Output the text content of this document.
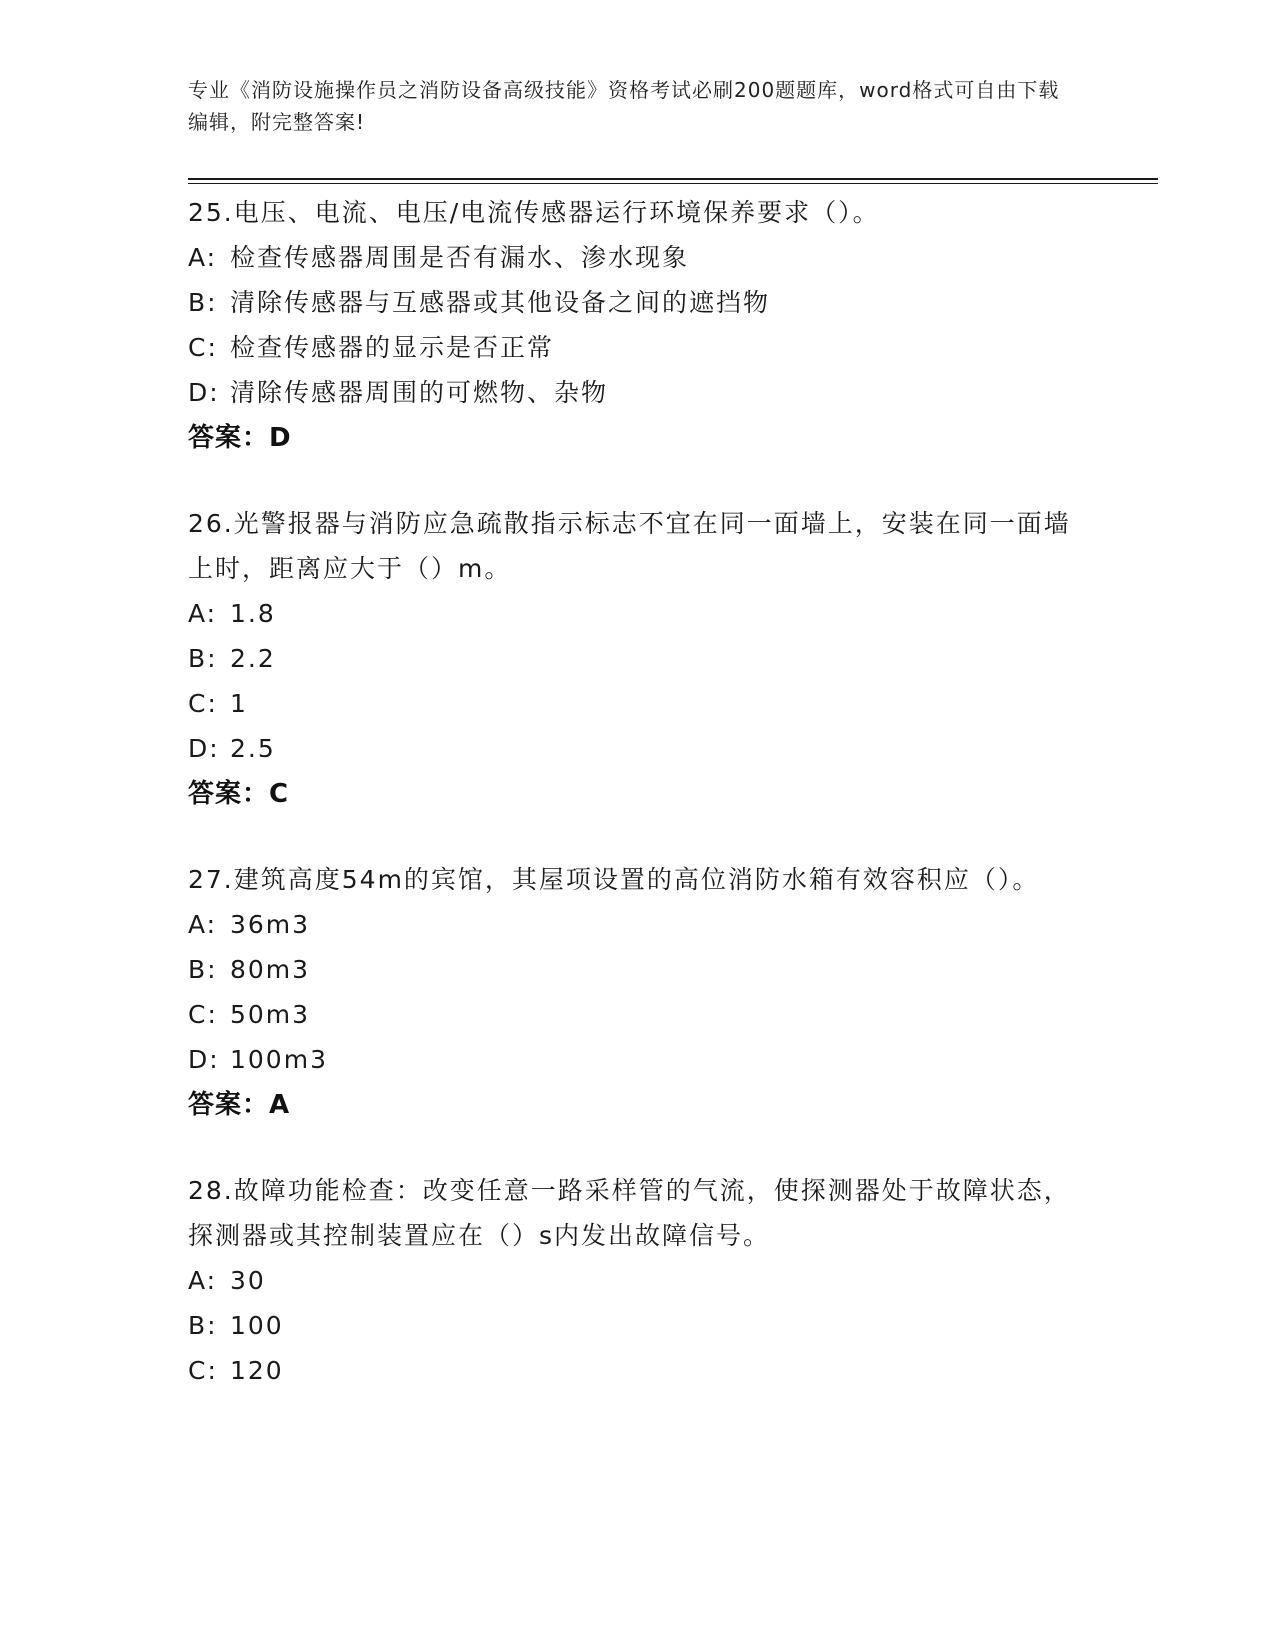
专业《消防设施操作员之消防设备高级技能》资格考试必刷200题题库，word格式可自由下载编辑，附完整答案!
25.电压、电流、电压/电流传感器运行环境保养要求（）。
A: 检查传感器周围是否有漏水、渗水现象
B: 清除传感器与互感器或其他设备之间的遮挡物
C: 检查传感器的显示是否正常
D: 清除传感器周围的可燃物、杂物
答案：D
26.光警报器与消防应急疏散指示标志不宜在同一面墙上，安装在同一面墙上时，距离应大于（）m。
A: 1.8
B: 2.2
C: 1
D: 2.5
答案：C
27.建筑高度54m的宾馆，其屋项设置的高位消防水箱有效容积应（）。
A: 36m3
B: 80m3
C: 50m3
D: 100m3
答案：A
28.故障功能检查：改变任意一路采样管的气流，使探测器处于故障状态，探测器或其控制装置应在（）s内发出故障信号。
A: 30
B: 100
C: 120
